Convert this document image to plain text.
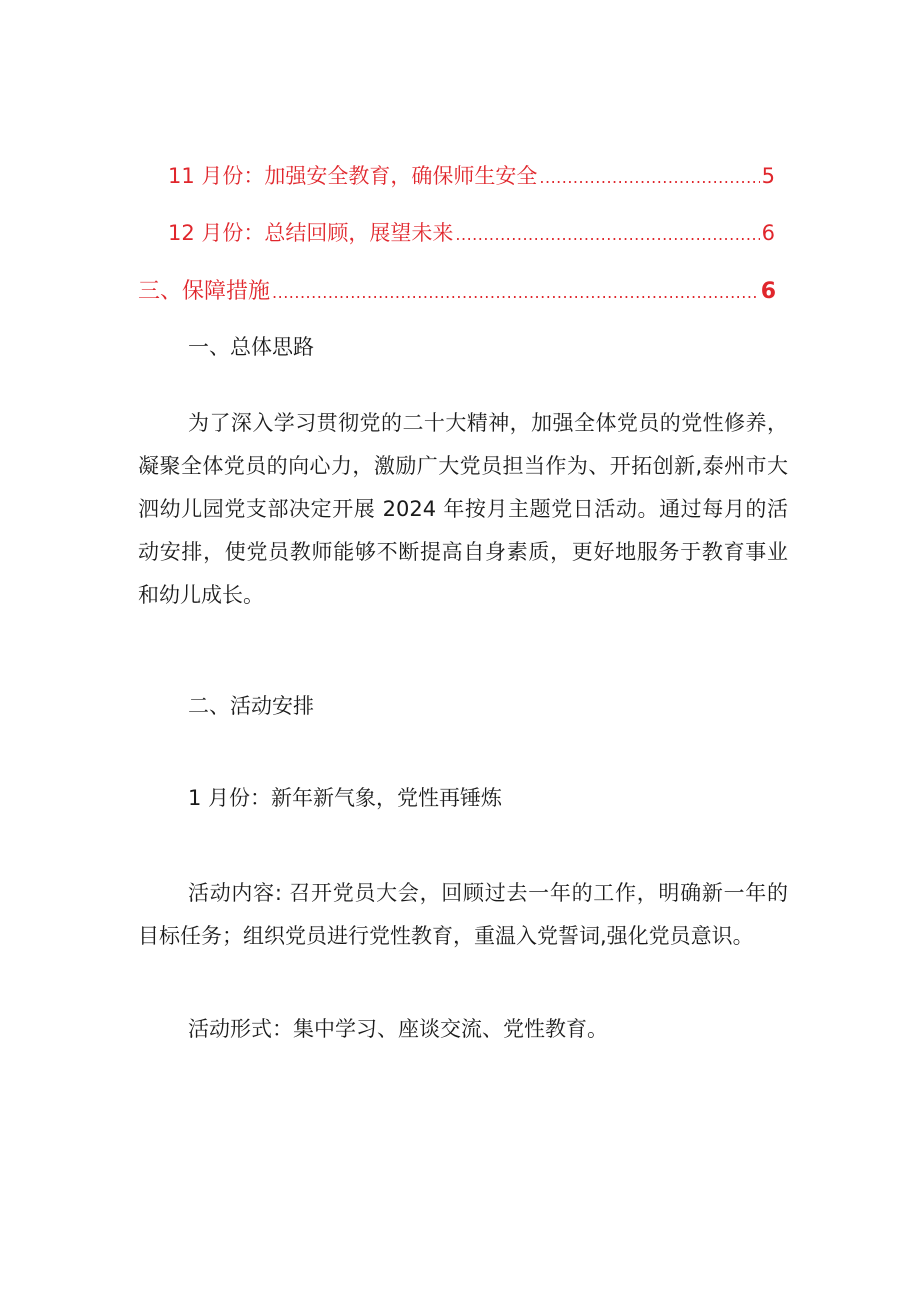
11 月份：加强安全教育，确保师生安全 .....	5
12 月份：总结回顾，展望未来 .....	6
三、保障措施 .....	6
一、总体思路
为了深入学习贯彻党的二十大精神，加强全体党员的党性修养，凝聚全体党员的向心力，激励广大党员担当作为、开拓创新,泰州市大泗幼儿园党支部决定开展 2024 年按月主题党日活动。通过每月的活动安排，使党员教师能够不断提高自身素质，更好地服务于教育事业和幼儿成长。
二、活动安排
1 月份：新年新气象，党性再锤炼
活动内容: 召开党员大会，回顾过去一年的工作，明确新一年的目标任务；组织党员进行党性教育，重温入党誓词,强化党员意识。
活动形式：集中学习、座谈交流、党性教育。
